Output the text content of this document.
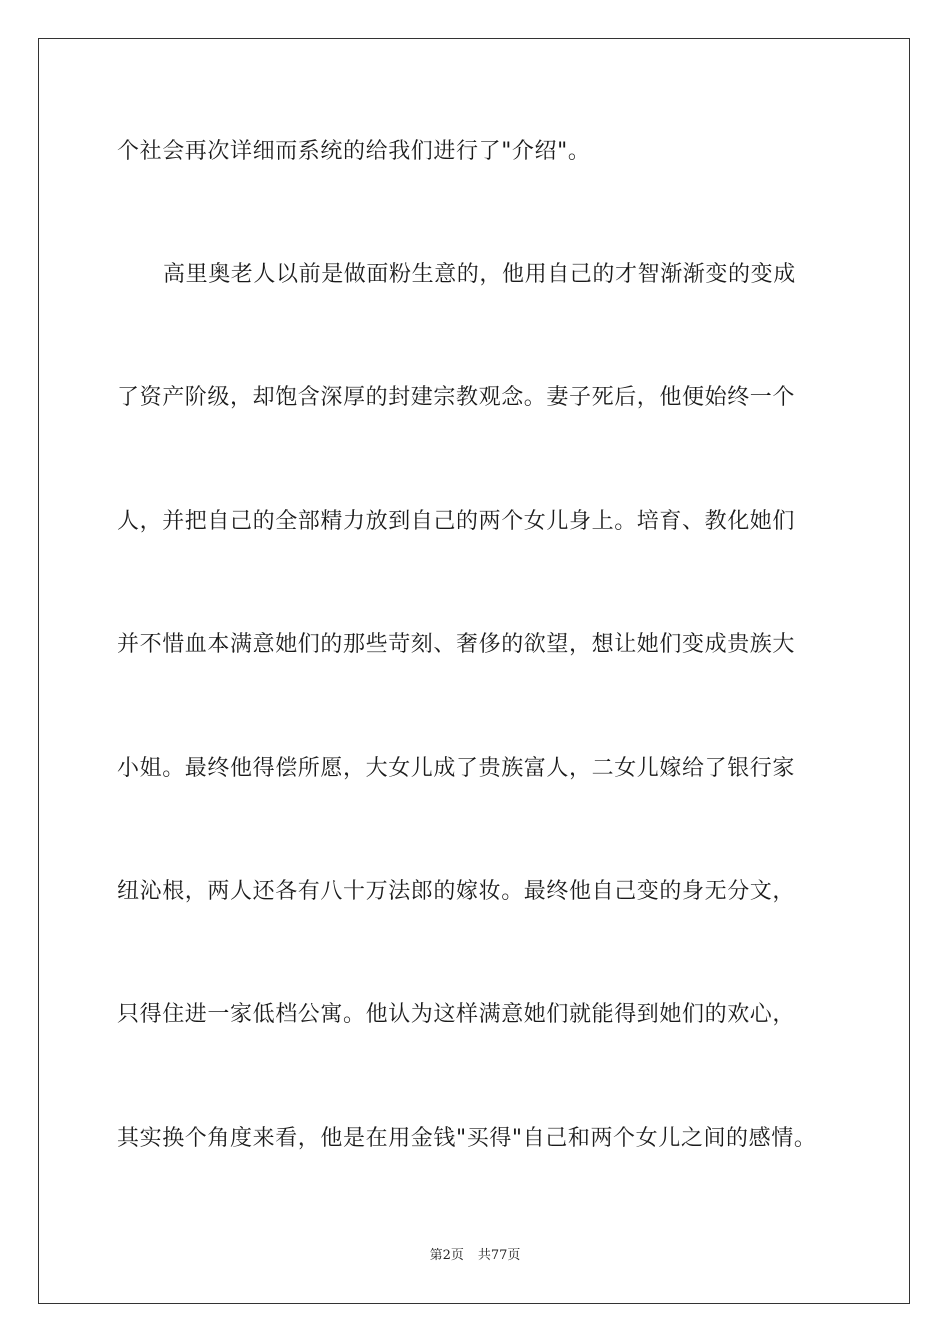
个社会再次详细而系统的给我们进行了"介绍"。
高里奥老人以前是做面粉生意的，他用自己的才智渐渐变的变成
了资产阶级，却饱含深厚的封建宗教观念。妻子死后，他便始终一个
人，并把自己的全部精力放到自己的两个女儿身上。培育、教化她们
并不惜血本满意她们的那些苛刻、奢侈的欲望，想让她们变成贵族大
小姐。最终他得偿所愿，大女儿成了贵族富人，二女儿嫁给了银行家
纽沁根，两人还各有八十万法郎的嫁妆。最终他自己变的身无分文，
只得住进一家低档公寓。他认为这样满意她们就能得到她们的欢心，
其实换个角度来看，他是在用金钱"买得"自己和两个女儿之间的感情。
第2页 共77页
